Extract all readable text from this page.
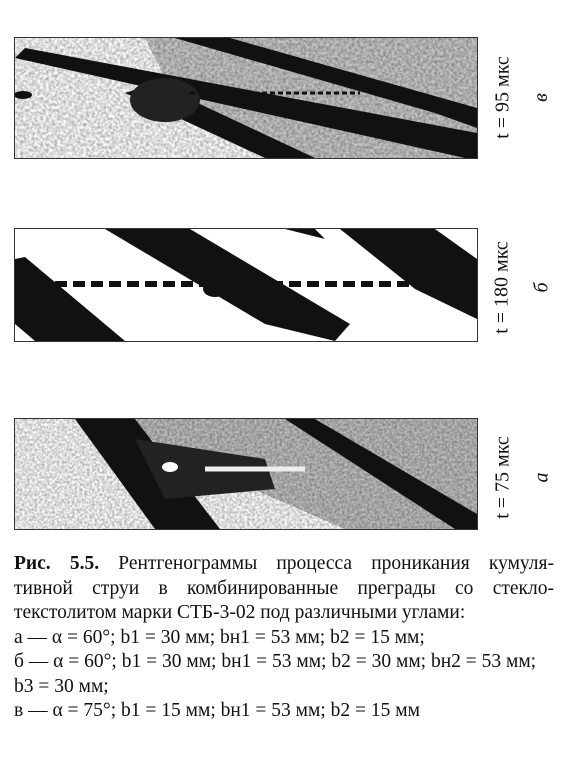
t = 95 мкс в
t = 180 мкс б
t = 75 мкс а
Рис. 5.5. Рентгенограммы процесса проникания кумуля-
тивной струи в комбинированные преграды со стекло-
текстолитом марки СТБ-3-02 под различными углами:
а — α = 60°; b1 = 30 мм; bн1 = 53 мм; b2 = 15 мм;
б — α = 60°; b1 = 30 мм; bн1 = 53 мм; b2 = 30 мм; bн2 = 53 мм;
b3 = 30 мм;
в — α = 75°; b1 = 15 мм; bн1 = 53 мм; b2 = 15 мм
